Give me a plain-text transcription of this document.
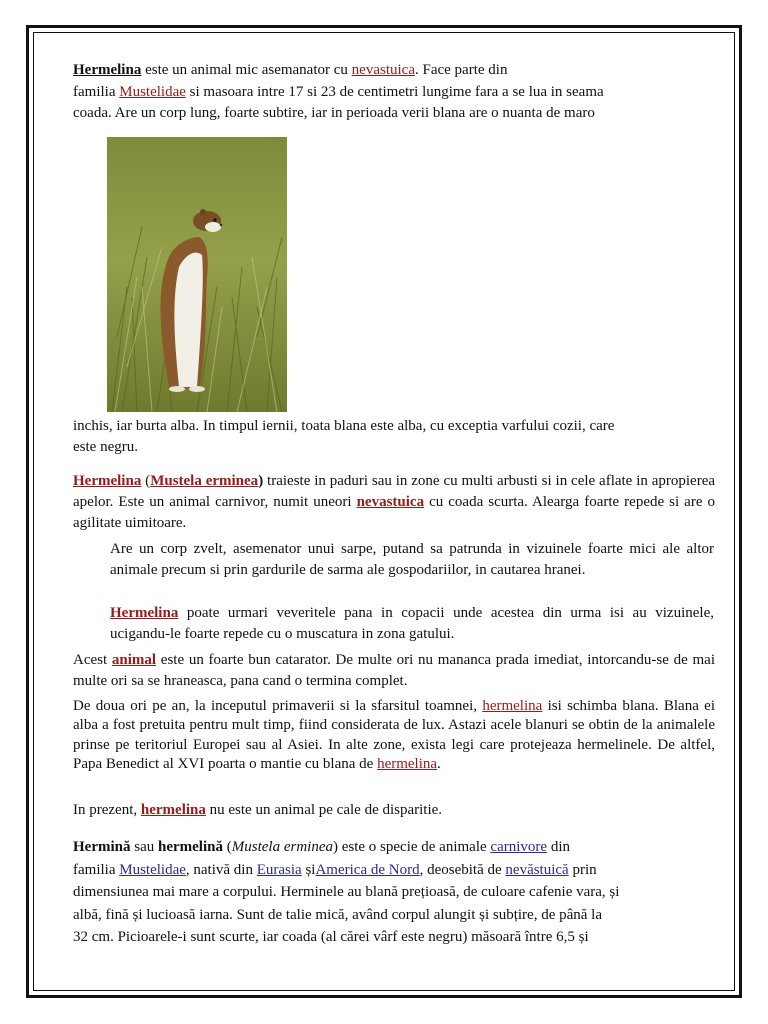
Hermelina este un animal mic asemanator cu nevastuica. Face parte din
familia Mustelidae si masoara intre 17 si 23 de centimetri lungime fara a se lua in seama
coada. Are un corp lung, foarte subtire, iar in perioada verii blana are o nuanta de maro
inchis, iar burta alba. In timpul iernii, toata blana este alba, cu exceptia varfului cozii, care
este negru.

Hermelina (Mustela erminea) traieste in paduri sau in zone cu multi arbusti si in cele aflate in apropierea apelor. Este un animal carnivor, numit uneori nevastuica cu coada scurta. Alearga foarte repede si are o agilitate uimitoare.

Are un corp zvelt, asemenator unui sarpe, putand sa patrunda in vizuinele foarte mici ale altor animale precum si prin gardurile de sarma ale gospodariilor, in cautarea hranei.

Hermelina poate urmari veveritele pana in copacii unde acestea din urma isi au vizuinele, ucigandu-le foarte repede cu o muscatura in zona gatului.

Acest animal este un foarte bun catarator. De multe ori nu mananca prada imediat, intorcandu-se de mai multe ori sa se hraneasca, pana cand o termina complet.

De doua ori pe an, la inceputul primaverii si la sfarsitul toamnei, hermelina isi schimba blana. Blana ei alba a fost pretuita pentru mult timp, fiind considerata de lux. Astazi acele blanuri se obtin de la animalele prinse pe teritoriul Europei sau al Asiei. In alte zone, exista legi care protejeaza hermelinele. De altfel, Papa Benedict al XVI poarta o mantie cu blana de hermelina.

In prezent, hermelina nu este un animal pe cale de disparitie.

Hermină sau hermelină (Mustela erminea) este o specie de animale carnivore din
familia Mustelidae, nativă din Eurasia șiAmerica de Nord, deosebită de nevăstuică prin
dimensiunea mai mare a corpului. Herminele au blană prețioasă, de culoare cafenie vara, și
albă, fină și lucioasă iarna. Sunt de talie mică, având corpul alungit și subțire, de până la
32 cm. Picioarele-i sunt scurte, iar coada (al cărei vârf este negru) măsoară între 6,5 și
